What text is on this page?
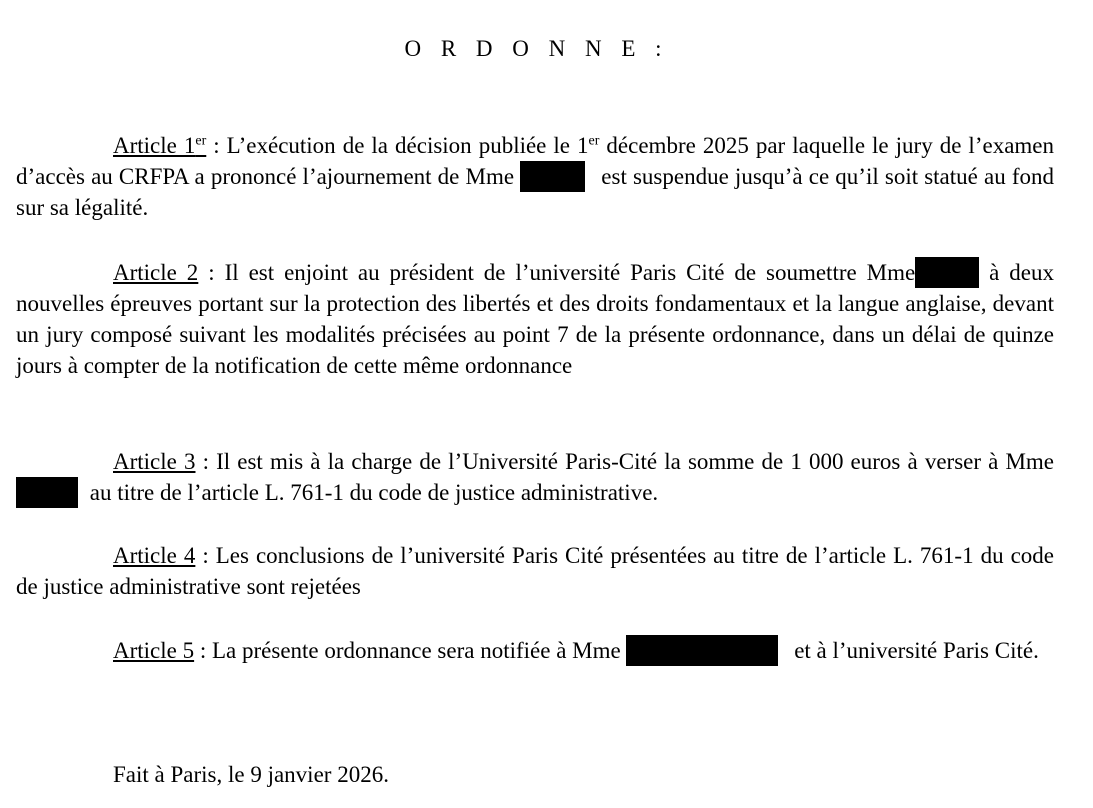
O R D O N N E :

Article 1er : L’exécution de la décision publiée le 1er décembre 2025 par laquelle le jury de l’examen d’accès au CRFPA a prononcé l’ajournement de Mme	est suspendue jusqu’à ce qu’il soit statué au fond sur sa légalité.

Article 2 : Il est enjoint au président de l’université Paris Cité de soumettre Mme	à deux nouvelles épreuves portant sur la protection des libertés et des droits fondamentaux et la langue anglaise, devant un jury composé suivant les modalités précisées au point 7 de la présente ordonnance, dans un délai de quinze jours à compter de la notification de cette même ordonnance

Article 3 : Il est mis à la charge de l’Université Paris-Cité la somme de 1 000 euros à verser à Mme  au titre de l’article L. 761-1 du code de justice administrative.

Article 4 : Les conclusions de l’université Paris Cité présentées au titre de l’article L. 761-1 du code de justice administrative sont rejetées

Article 5 : La présente ordonnance sera notifiée à Mme	et à l’université Paris Cité.

Fait à Paris, le 9 janvier 2026.
